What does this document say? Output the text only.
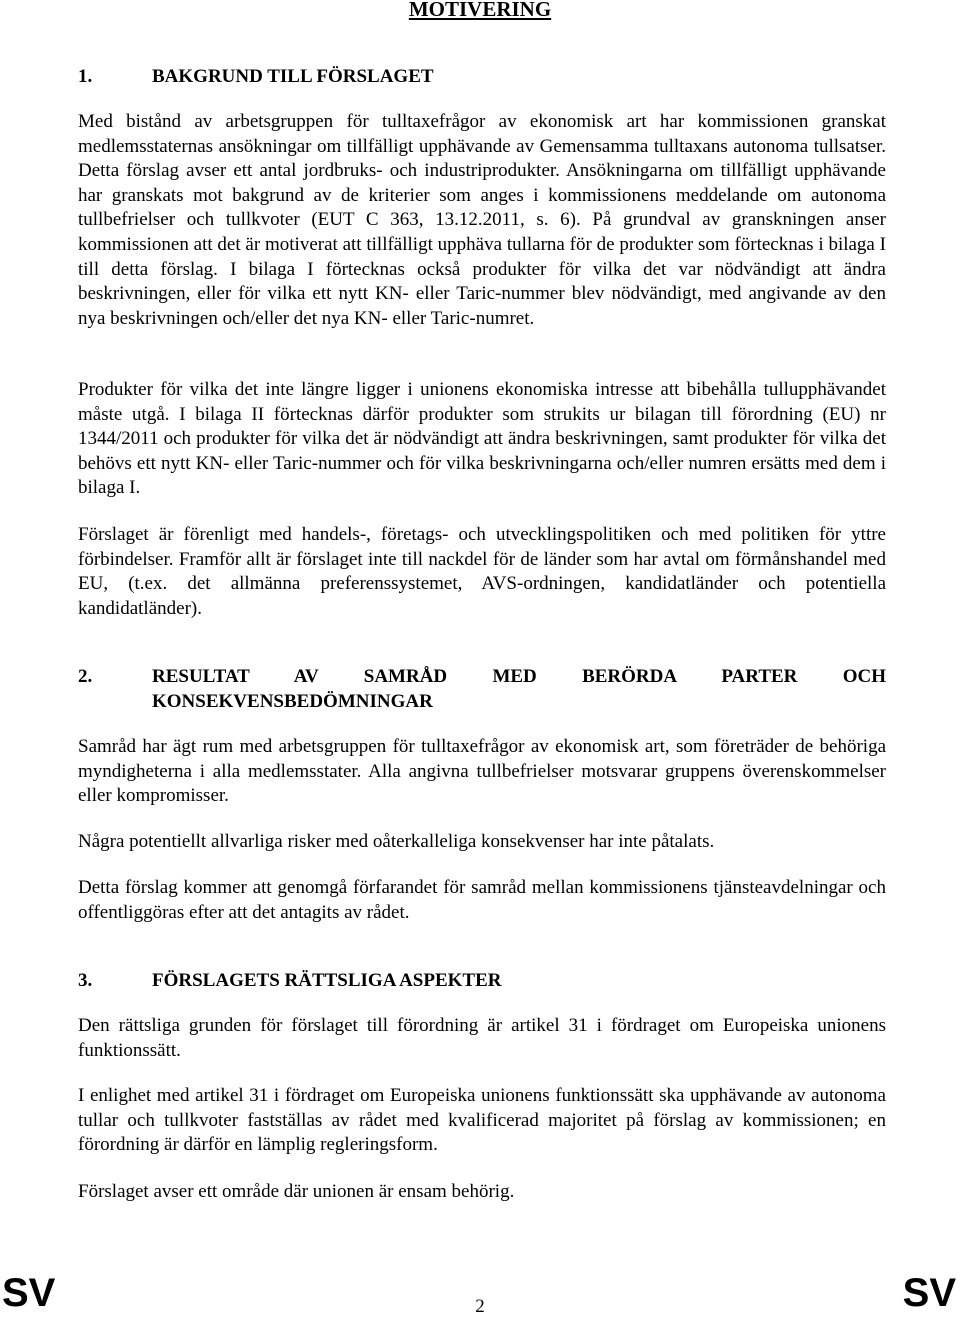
MOTIVERING
1.	BAKGRUND TILL FÖRSLAGET
Med bistånd av arbetsgruppen för tulltaxefrågor av ekonomisk art har kommissionen granskat medlemsstaternas ansökningar om tillfälligt upphävande av Gemensamma tulltaxans autonoma tullsatser. Detta förslag avser ett antal jordbruks- och industriprodukter. Ansökningarna om tillfälligt upphävande har granskats mot bakgrund av de kriterier som anges i kommissionens meddelande om autonoma tullbefrielser och tullkvoter (EUT C 363, 13.12.2011, s. 6). På grundval av granskningen anser kommissionen att det är motiverat att tillfälligt upphäva tullarna för de produkter som förtecknas i bilaga I till detta förslag. I bilaga I förtecknas också produkter för vilka det var nödvändigt att ändra beskrivningen, eller för vilka ett nytt KN- eller Taric-nummer blev nödvändigt, med angivande av den nya beskrivningen och/eller det nya KN- eller Taric-numret.
Produkter för vilka det inte längre ligger i unionens ekonomiska intresse att bibehålla tullupphävandet måste utgå. I bilaga II förtecknas därför produkter som strukits ur bilagan till förordning (EU) nr 1344/2011 och produkter för vilka det är nödvändigt att ändra beskrivningen, samt produkter för vilka det behövs ett nytt KN- eller Taric-nummer och för vilka beskrivningarna och/eller numren ersätts med dem i bilaga I.
Förslaget är förenligt med handels-, företags- och utvecklingspolitiken och med politiken för yttre förbindelser. Framför allt är förslaget inte till nackdel för de länder som har avtal om förmånshandel med EU, (t.ex. det allmänna preferenssystemet, AVS-ordningen, kandidatländer och potentiella kandidatländer).
2.	RESULTAT AV SAMRÅD MED BERÖRDA PARTER OCH
KONSEKVENSBEDÖMNINGAR
Samråd har ägt rum med arbetsgruppen för tulltaxefrågor av ekonomisk art, som företräder de behöriga myndigheterna i alla medlemsstater. Alla angivna tullbefrielser motsvarar gruppens överenskommelser eller kompromisser.
Några potentiellt allvarliga risker med oåterkalleliga konsekvenser har inte påtalats.
Detta förslag kommer att genomgå förfarandet för samråd mellan kommissionens tjänsteavdelningar och offentliggöras efter att det antagits av rådet.
3.	FÖRSLAGETS RÄTTSLIGA ASPEKTER
Den rättsliga grunden för förslaget till förordning är artikel 31 i fördraget om Europeiska unionens funktionssätt.
I enlighet med artikel 31 i fördraget om Europeiska unionens funktionssätt ska upphävande av autonoma tullar och tullkvoter fastställas av rådet med kvalificerad majoritet på förslag av kommissionen; en förordning är därför en lämplig regleringsform.
Förslaget avser ett område där unionen är ensam behörig.
SV	2	SV
